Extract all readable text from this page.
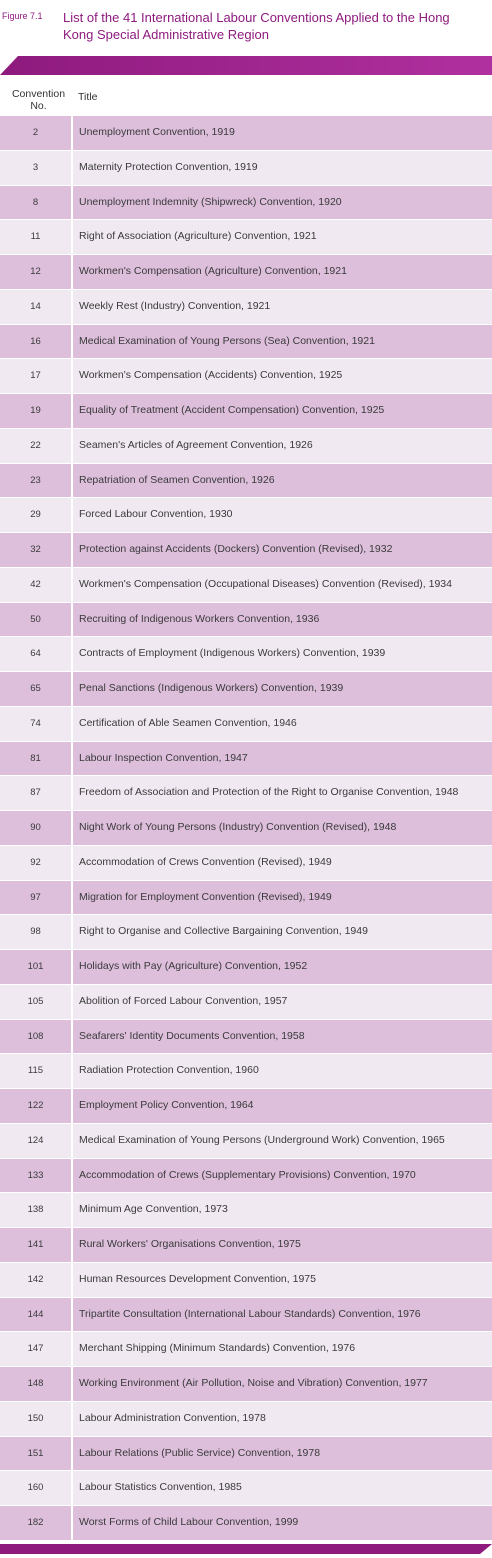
Figure 7.1 List of the 41 International Labour Conventions Applied to the Hong Kong Special Administrative Region
Convention No.
Title
2	Unemployment Convention, 1919
3	Maternity Protection Convention, 1919
8	Unemployment Indemnity (Shipwreck) Convention, 1920
11	Right of Association (Agriculture) Convention, 1921
12	Workmen's Compensation (Agriculture) Convention, 1921
14	Weekly Rest (Industry) Convention, 1921
16	Medical Examination of Young Persons (Sea) Convention, 1921
17	Workmen's Compensation (Accidents) Convention, 1925
19	Equality of Treatment (Accident Compensation) Convention, 1925
22	Seamen's Articles of Agreement Convention, 1926
23	Repatriation of Seamen Convention, 1926
29	Forced Labour Convention, 1930
32	Protection against Accidents (Dockers) Convention (Revised), 1932
42	Workmen's Compensation (Occupational Diseases) Convention (Revised), 1934
50	Recruiting of Indigenous Workers Convention, 1936
64	Contracts of Employment (Indigenous Workers) Convention, 1939
65	Penal Sanctions (Indigenous Workers) Convention, 1939
74	Certification of Able Seamen Convention, 1946
81	Labour Inspection Convention, 1947
87	Freedom of Association and Protection of the Right to Organise Convention, 1948
90	Night Work of Young Persons (Industry) Convention (Revised), 1948
92	Accommodation of Crews Convention (Revised), 1949
97	Migration for Employment Convention (Revised), 1949
98	Right to Organise and Collective Bargaining Convention, 1949
101	Holidays with Pay (Agriculture) Convention, 1952
105	Abolition of Forced Labour Convention, 1957
108	Seafarers' Identity Documents Convention, 1958
115	Radiation Protection Convention, 1960
122	Employment Policy Convention, 1964
124	Medical Examination of Young Persons (Underground Work) Convention, 1965
133	Accommodation of Crews (Supplementary Provisions) Convention, 1970
138	Minimum Age Convention, 1973
141	Rural Workers' Organisations Convention, 1975
142	Human Resources Development Convention, 1975
144	Tripartite Consultation (International Labour Standards) Convention, 1976
147	Merchant Shipping (Minimum Standards) Convention, 1976
148	Working Environment (Air Pollution, Noise and Vibration) Convention, 1977
150	Labour Administration Convention, 1978
151	Labour Relations (Public Service) Convention, 1978
160	Labour Statistics Convention, 1985
182	Worst Forms of Child Labour Convention, 1999
